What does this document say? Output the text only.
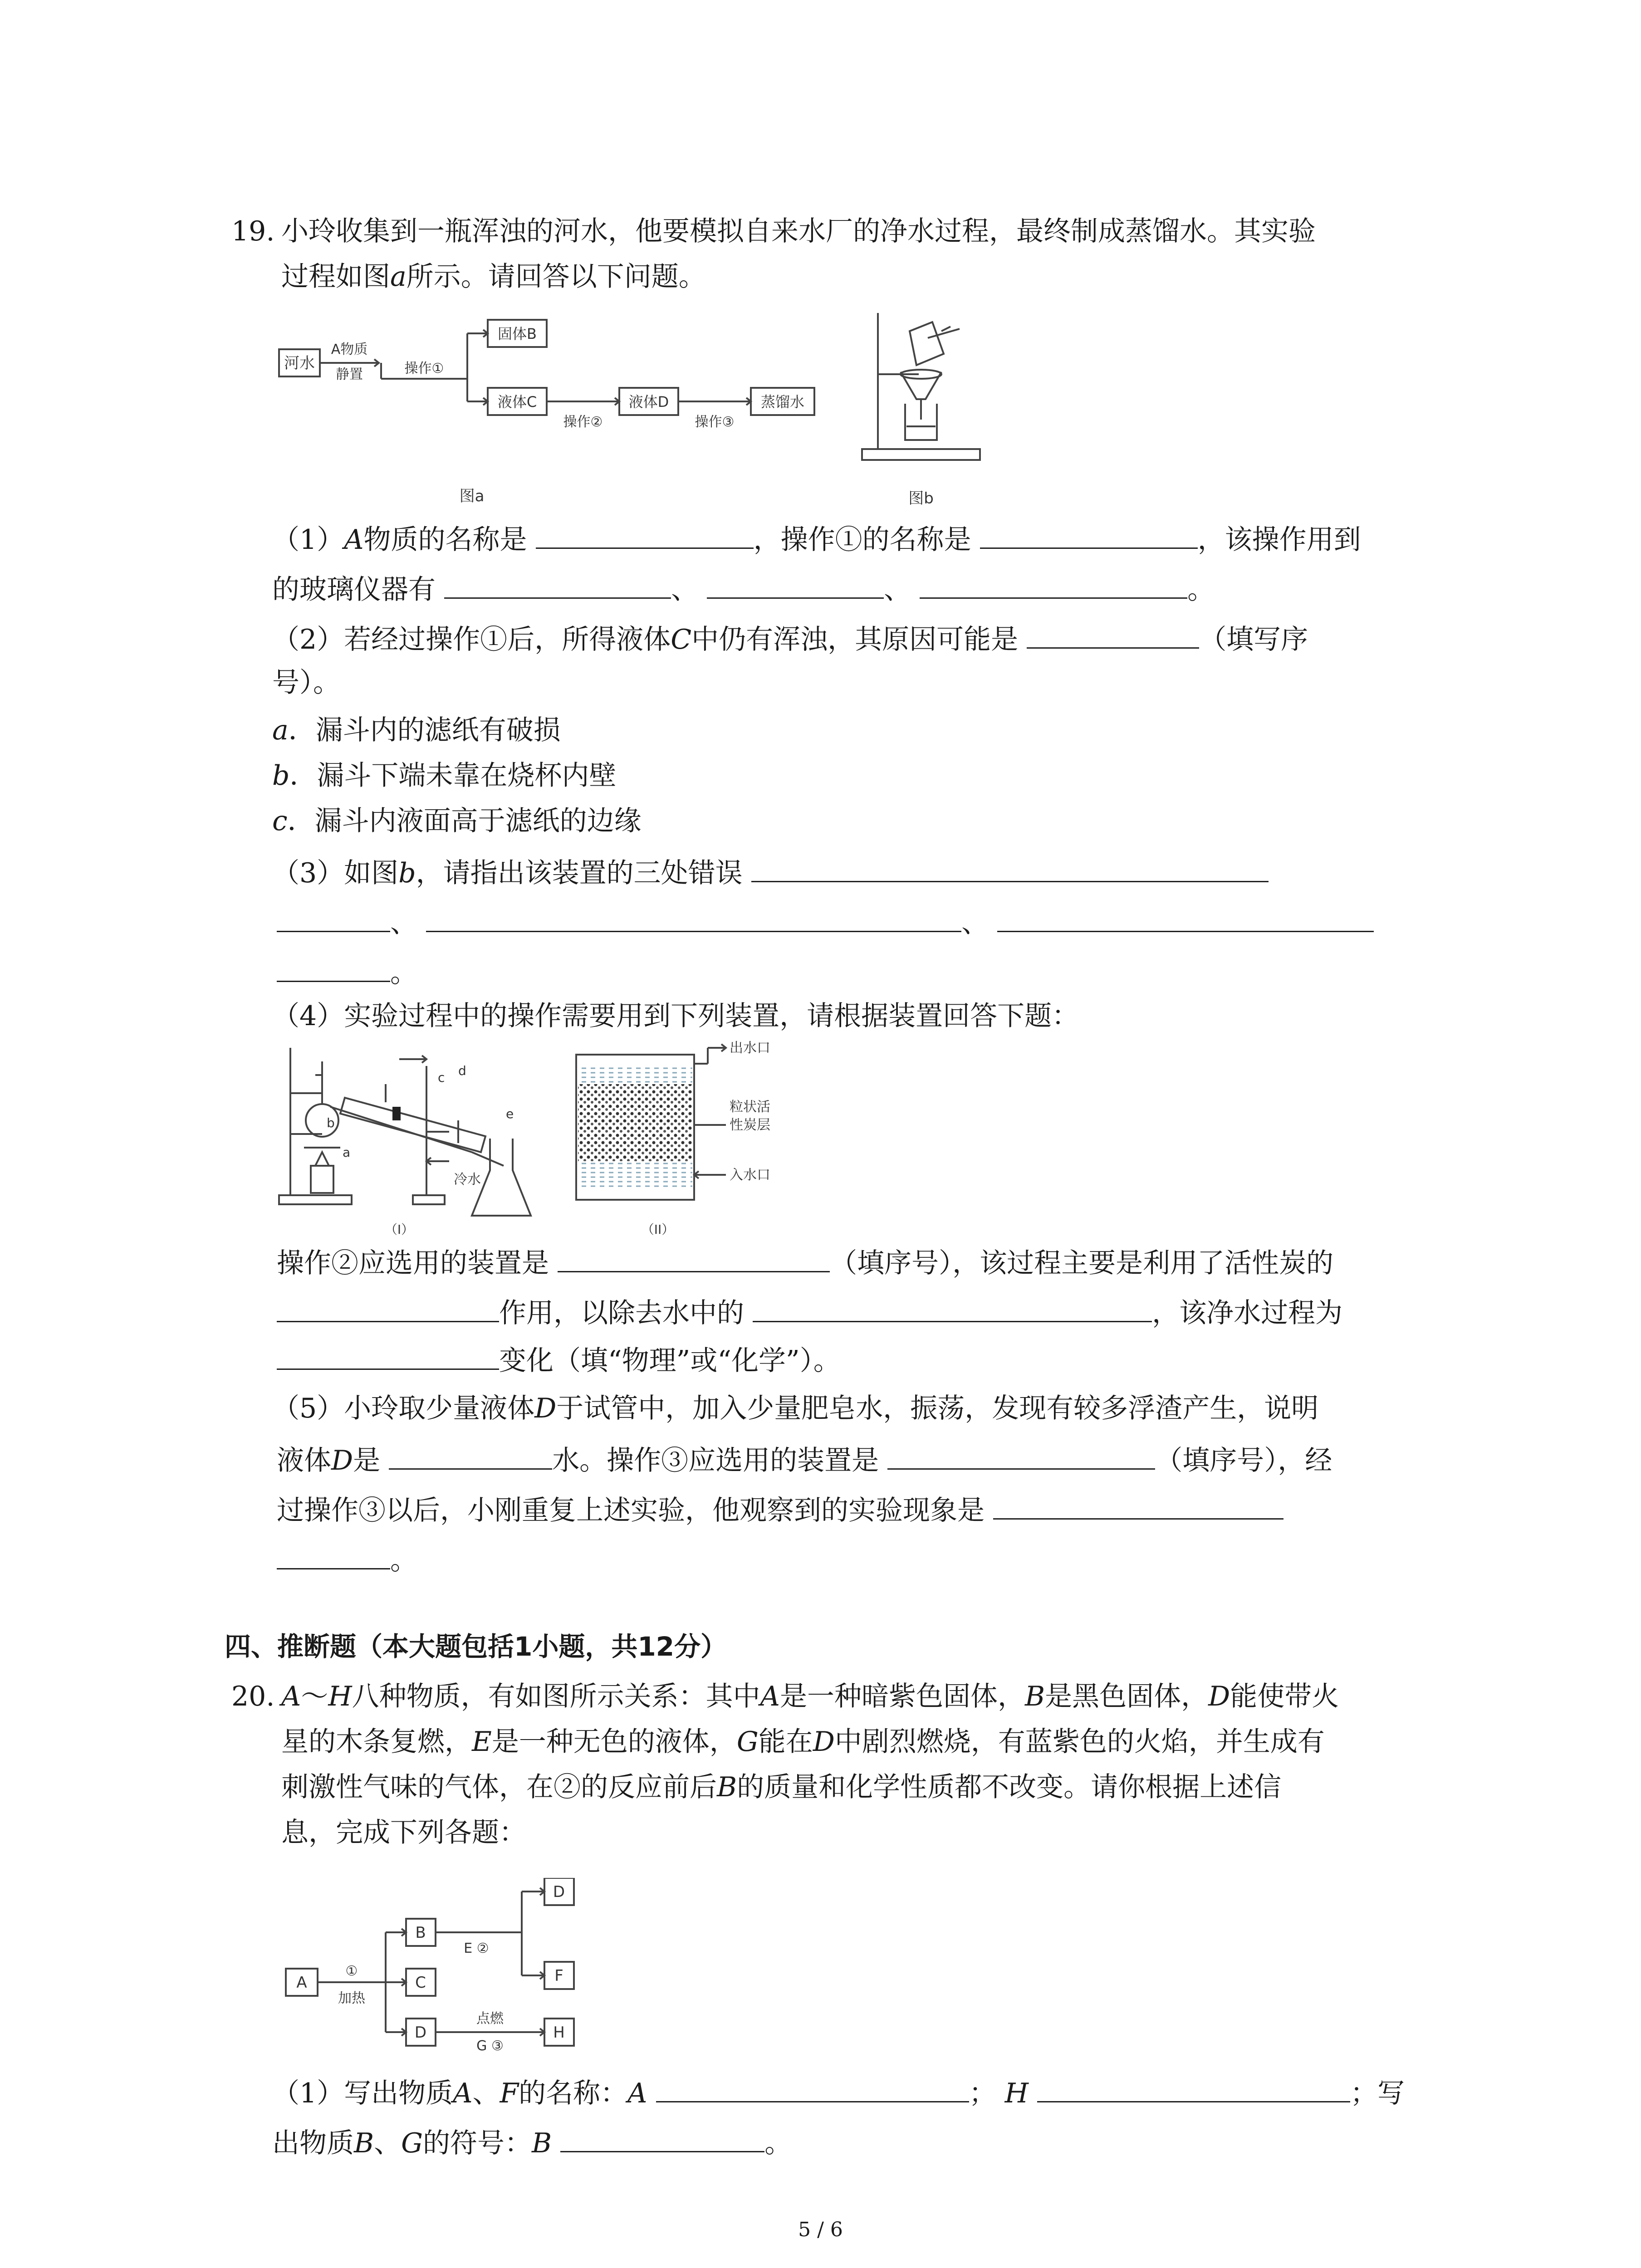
19. 小玲收集到一瓶浑浊的河水，他要模拟自来水厂的净水过程，最终制成蒸馏水。其实验
过程如图a所示。请回答以下问题。
河水
A物质
静置	操作①
固体B
液体C
操作②
液体D
操作③
蒸馏水
图a	图b
（1）A物质的名称是	，操作①的名称是	，该操作用到
的玻璃仪器有	、	、	。
（2）若经过操作①后，所得液体C中仍有浑浊，其原因可能是	（填写序
号）。
a．漏斗内的滤纸有破损
b．漏斗下端未靠在烧杯内壁
c．漏斗内液面高于滤纸的边缘
（3）如图b，请指出该装置的三处错误
、	、
。
（4）实验过程中的操作需要用到下列装置，请根据装置回答下题：
a
b
c d
e
冷水
（I）
出水口
粒状活
性炭层
入水口
（II）
操作②应选用的装置是	（填序号），该过程主要是利用了活性炭的
作用，以除去水中的	，该净水过程为
变化（填“物理”或“化学”）。
（5）小玲取少量液体D于试管中，加入少量肥皂水，振荡，发现有较多浮渣产生，说明
液体D是	水。操作③应选用的装置是	（填序号），经
过操作③以后，小刚重复上述实验，他观察到的实验现象是
。
四、推断题（本大题包括1小题，共12分）
20. A～H八种物质，有如图所示关系：其中A是一种暗紫色固体，B是黑色固体，D能使带火
星的木条复燃，E是一种无色的液体，G能在D中剧烈燃烧，有蓝紫色的火焰，并生成有
刺激性气味的气体，在②的反应前后B的质量和化学性质都不改变。请你根据上述信
息，完成下列各题：
A
B
C
D
D
F
H
①
加热
E ②
点燃
G ③
（1）写出物质A、F的名称：A	； H	；写
出物质B、G的符号：B	。
5 / 6
